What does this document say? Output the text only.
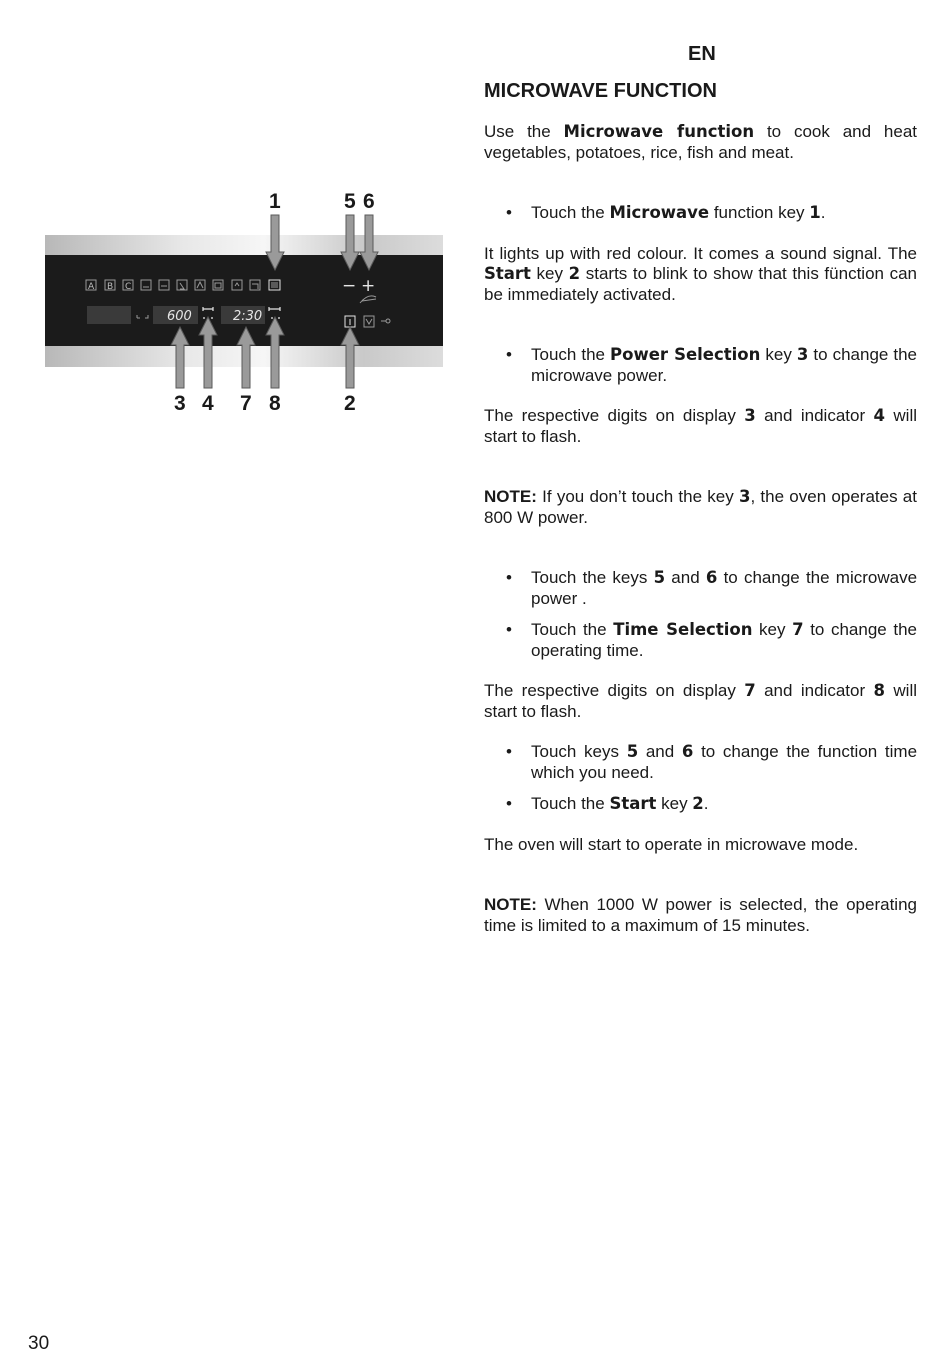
EN
A B C
600	2:30
− +
1	5 6
3 4 7 8	2
MICROWAVE FUNCTION

Use the Microwave function to cook and heat vegetables, potatoes, rice, fish and meat.

• Touch the Microwave function key 1.

It lights up with red colour. It comes a sound signal. The Start key 2 starts to blink to show that this fünction can be immediately activated.

• Touch the Power Selection key 3 to change the microwave power.

The respective digits on display 3 and indicator 4 will start to flash.

NOTE: If you don’t touch the key 3, the oven operates at 800 W power.

• Touch the keys 5 and 6 to change the microwave power .

• Touch the Time Selection key 7 to change the operating time.

The respective digits on display 7 and indicator 8 will start to flash.

• Touch keys 5 and 6 to change the function time which you need.

• Touch the Start key 2.

The oven will start to operate in microwave mode.

NOTE: When 1000 W power is selected, the operating time is limited to a maximum of 15 minutes.

30
